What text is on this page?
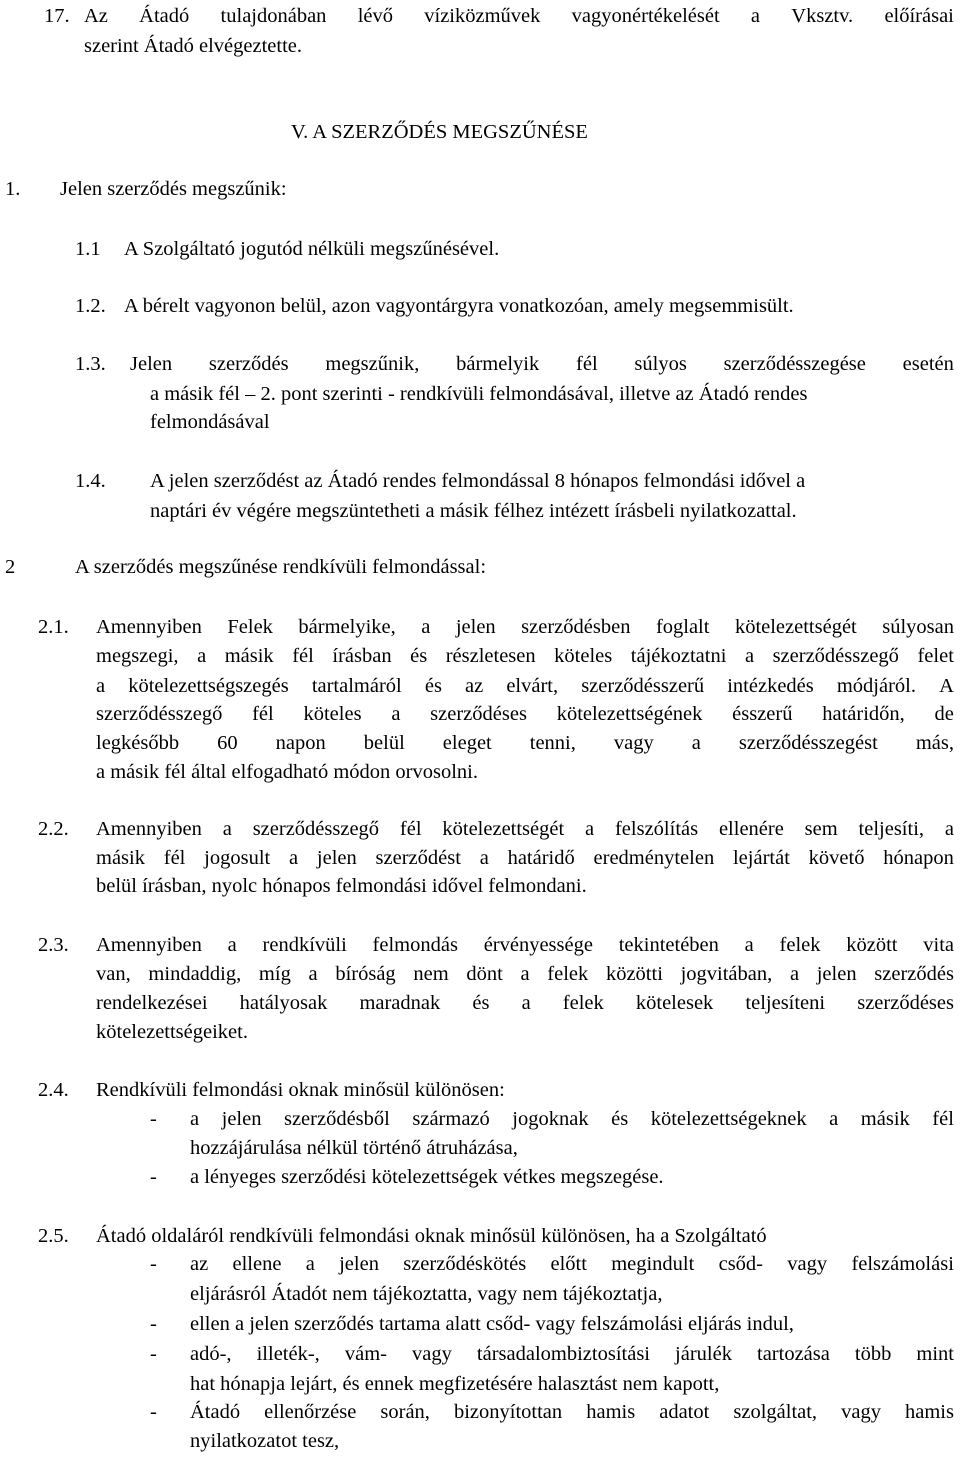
17. Az Átadó tulajdonában lévő víziközművek vagyonértékelését a Vksztv. előírásai
szerint Átadó elvégeztette.
V. A SZERZŐDÉS MEGSZŰNÉSE
1. Jelen szerződés megszűnik:
1.1 A Szolgáltató jogutód nélküli megszűnésével.
1.2. A bérelt vagyonon belül, azon vagyontárgyra vonatkozóan, amely megsemmisült.
1.3. Jelen szerződés megszűnik, bármelyik fél súlyos szerződésszegése esetén
a másik fél – 2. pont szerinti - rendkívüli felmondásával, illetve az Átadó rendes
felmondásával
1.4. A jelen szerződést az Átadó rendes felmondással 8 hónapos felmondási idővel a
naptári év végére megszüntetheti a másik félhez intézett írásbeli nyilatkozattal.
2	A szerződés megszűnése rendkívüli felmondással:
2.1. Amennyiben Felek bármelyike, a jelen szerződésben foglalt kötelezettségét súlyosan
megszegi, a másik fél írásban és részletesen köteles tájékoztatni a szerződésszegő felet
a kötelezettségszegés tartalmáról és az elvárt, szerződésszerű intézkedés módjáról. A
szerződésszegő fél köteles a szerződéses kötelezettségének ésszerű határidőn, de
legkésőbb 60 napon belül eleget tenni, vagy a szerződésszegést más,
a másik fél által elfogadható módon orvosolni.
2.2. Amennyiben a szerződésszegő fél kötelezettségét a felszólítás ellenére sem teljesíti, a
másik fél jogosult a jelen szerződést a határidő eredménytelen lejártát követő hónapon
belül írásban, nyolc hónapos felmondási idővel felmondani.
2.3. Amennyiben a rendkívüli felmondás érvényessége tekintetében a felek között vita
van, mindaddig, míg a bíróság nem dönt a felek közötti jogvitában, a jelen szerződés
rendelkezései hatályosak maradnak és a felek kötelesek teljesíteni szerződéses
kötelezettségeiket.
2.4. Rendkívüli felmondási oknak minősül különösen:
- a jelen szerződésből származó jogoknak és kötelezettségeknek a másik fél
hozzájárulása nélkül történő átruházása,
- a lényeges szerződési kötelezettségek vétkes megszegése.
2.5. Átadó oldaláról rendkívüli felmondási oknak minősül különösen, ha a Szolgáltató
- az ellene a jelen szerződéskötés előtt megindult csőd- vagy felszámolási
eljárásról Átadót nem tájékoztatta, vagy nem tájékoztatja,
- ellen a jelen szerződés tartama alatt csőd- vagy felszámolási eljárás indul,
- adó-, illeték-, vám- vagy társadalombiztosítási járulék tartozása több mint
hat hónapja lejárt, és ennek megfizetésére halasztást nem kapott,
- Átadó ellenőrzése során, bizonyítottan hamis adatot szolgáltat, vagy hamis
nyilatkozatot tesz,
